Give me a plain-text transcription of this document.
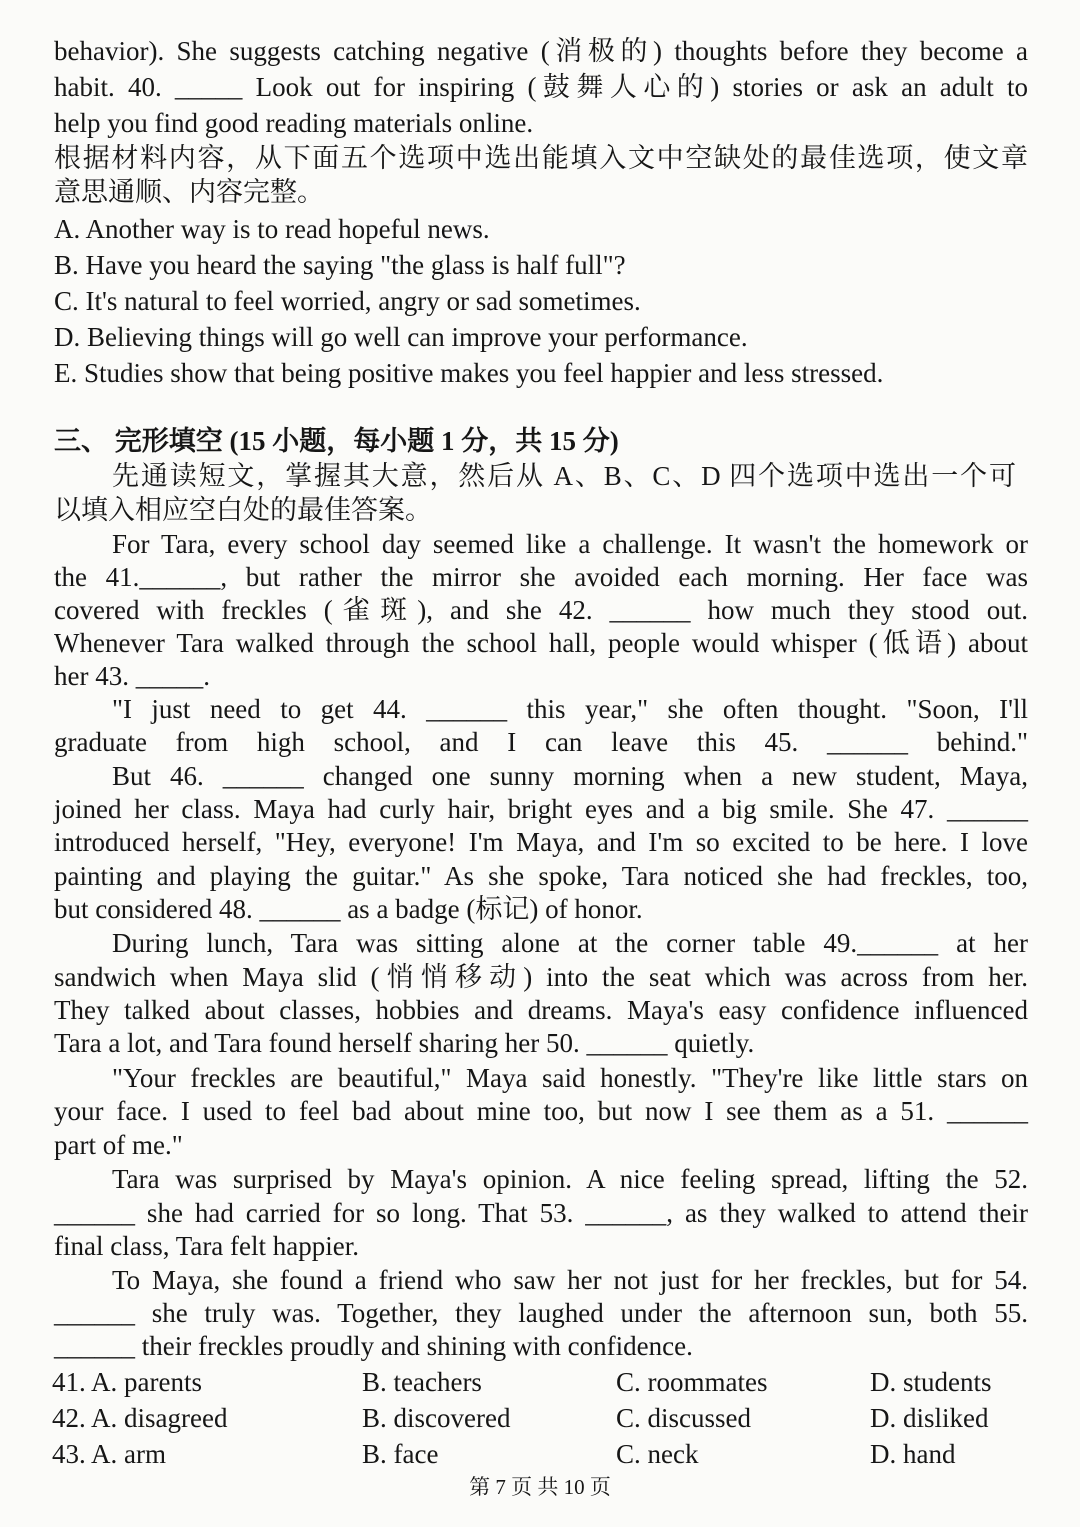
behavior). She suggests catching negative (消极的) thoughts before they become a

habit. 40. _____ Look out for inspiring (鼓舞人心的) stories or ask an adult to

help you find good reading materials online.

根据材料内容，从下面五个选项中选出能填入文中空缺处的最佳选项，使文章

意思通顺、内容完整。

A. Another way is to read hopeful news.

B. Have you heard the saying "the glass is half full"?

C. It's natural to feel worried, angry or sad sometimes.

D. Believing things will go well can improve your performance.

E. Studies show that being positive makes you feel happier and less stressed.

三、 完形填空 (15 小题，每小题 1 分，共 15 分)

先通读短文，掌握其大意，然后从 A、B、C、D 四个选项中选出一个可

以填入相应空白处的最佳答案。

For Tara, every school day seemed like a challenge. It wasn't the homework or

the 41.______, but rather the mirror she avoided each morning. Her face was

covered with freckles (雀斑), and she 42. ______ how much they stood out.

Whenever Tara walked through the school hall, people would whisper (低语) about

her 43. _____.

"I just need to get 44. ______ this year," she often thought. "Soon, I'll

graduate from high school, and I can leave this 45. ______ behind."

But 46. ______ changed one sunny morning when a new student, Maya,

joined her class. Maya had curly hair, bright eyes and a big smile. She 47. ______

introduced herself, "Hey, everyone! I'm Maya, and I'm so excited to be here. I love

painting and playing the guitar." As she spoke, Tara noticed she had freckles, too,

but considered 48. ______ as a badge (标记) of honor.

During lunch, Tara was sitting alone at the corner table 49.______ at her

sandwich when Maya slid (悄悄移动) into the seat which was across from her.

They talked about classes, hobbies and dreams. Maya's easy confidence influenced

Tara a lot, and Tara found herself sharing her 50. ______ quietly.

"Your freckles are beautiful," Maya said honestly. "They're like little stars on

your face. I used to feel bad about mine too, but now I see them as a 51. ______

part of me."

Tara was surprised by Maya's opinion. A nice feeling spread, lifting the 52.

______ she had carried for so long. That 53. ______, as they walked to attend their

final class, Tara felt happier.

To Maya, she found a friend who saw her not just for her freckles, but for 54.

______ she truly was. Together, they laughed under the afternoon sun, both 55.

______ their freckles proudly and shining with confidence.

41. A. parents	B. teachers	C. roommates	D. students
42. A. disagreed	B. discovered	C. discussed	D. disliked
43. A. arm	B. face	C. neck	D. hand
第 7 页 共 10 页
